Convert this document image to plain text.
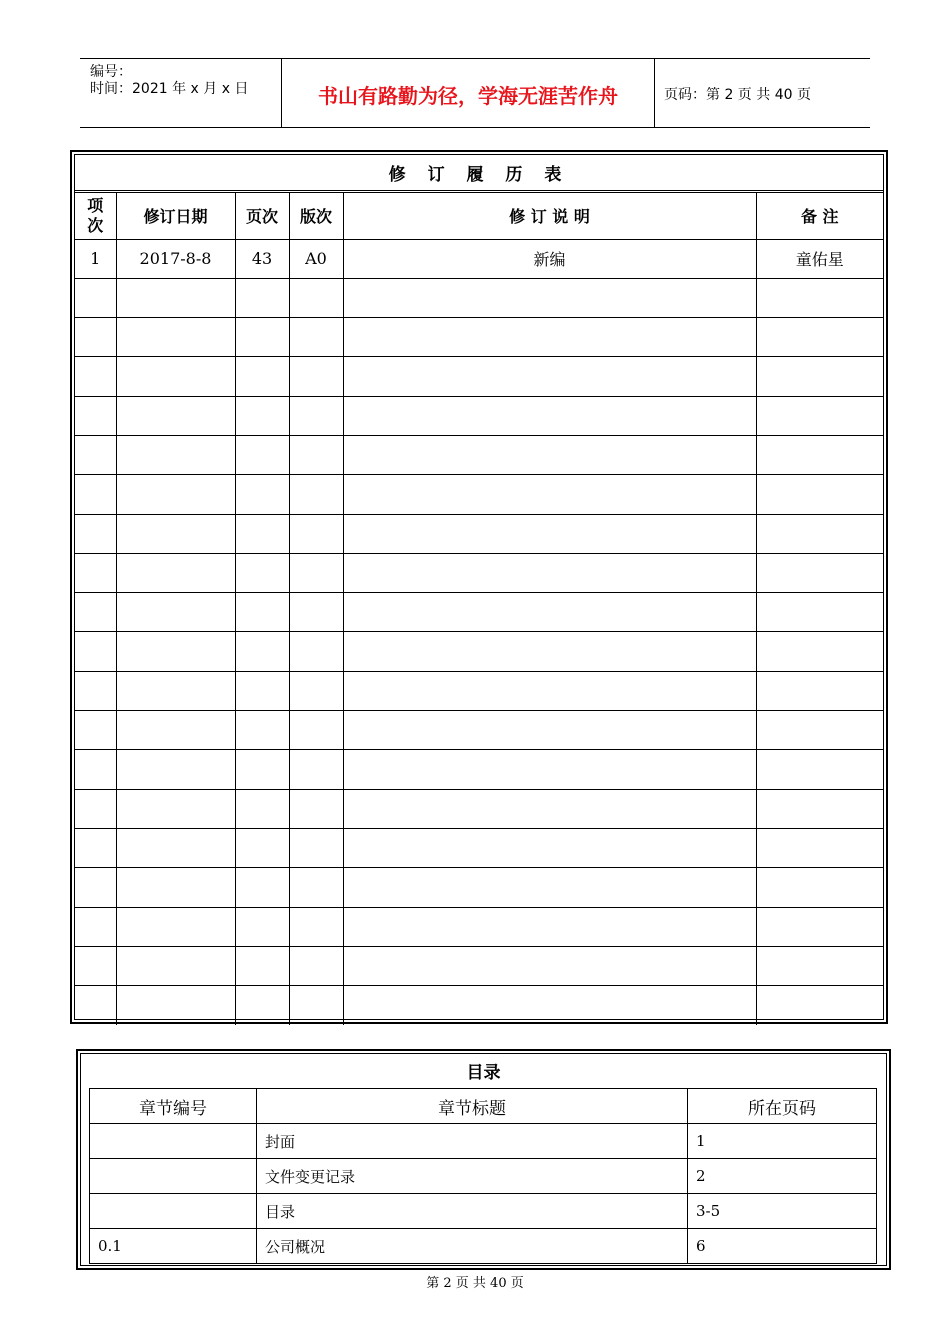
编号：
时间：2021 年 x 月 x 日	书山有路勤为径，学海无涯苦作舟	页码：第 2 页 共 40 页
修 订 履 历 表
项次	修订日期	页次	版次	修 订 说 明	备 注
1	2017-8-8	43	A0	新编	童佑星

目录
章节编号	章节标题	所在页码
	封面	1
	文件变更记录	2
	目录	3-5
0.1	公司概况	6
第 2 页 共 40 页
